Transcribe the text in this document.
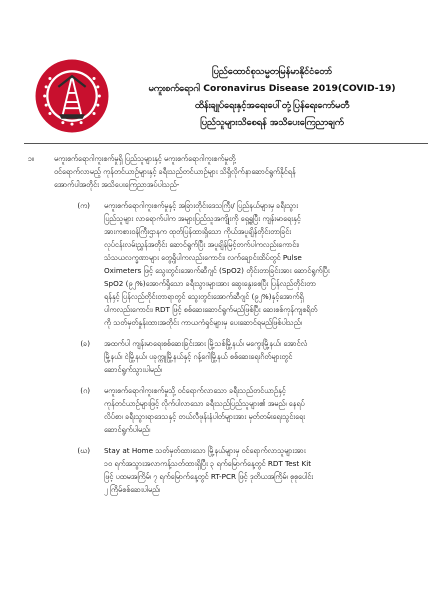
ပြည်ထောင်စုသမ္မတမြန်မာနိုင်ငံတော်
မကူးစက်ရောဂါ Coronavirus Disease 2019(COVID-19)
ထိန်းချုပ်ရေးနှင့်အရေးပေါ်တုံ့ပြန်ရေးကော်မတီ
ပြည်သူများသိစေရန် အသိပေးကြေညာချက်
၁။	မကူးစက်ရောဂါကူးစက်မှုရှိ ပြည်သူများနှင့် မကူးစက်ရောဂါကူးစက်မှုတို့
ဝင်ရောက်လာမည့် ကုန်တင်ယာဉ်များနှင့် ခရီးသည်တင်ယာဉ်များ သိရှိလိုက်နာဆောင်ရွက်နိုင်ရန်
အောက်ပါအတိုင်း အသိပေးကြေညာအပ်ပါသည်-
(က)	မကူးစက်ရောဂါကူးစက်မှုနှင့် အခြားတိုင်းဒေသကြီး/ ပြည်နယ်များမှ ခရီးသွား
ပြည်သူများ လာရောက်ပါက အများပြည်သူအကျိုးကို ရှေ့ရှုပြီး ကျန်းမာရေးနှင့်
အားကစားဝန်ကြီးဌာနက ထုတ်ပြန်ထားရှိသော ကိုယ်အပူချိန်တိုင်းတာခြင်း
လုပ်ငန်းလမ်းညွှန်အတိုင်း ဆောင်ရွက်ပြီး အပူချိန်မြင့်တက်ပါကလည်းကောင်း၊
သံသယလက္ခဏာများ တွေ့ရှိပါကလည်းကောင်း၊ လက်ချောင်းထိပ်တွင် Pulse
Oximeters ဖြင့် သွေးတွင်းအောက်ဆီဂျင် (SpO2) တိုင်းတာခြင်းအား ဆောင်ရွက်ပြီး
SpO2 (၉၂%)အောက်ရှိသော ခရီးသွားများအား ဆွေးနွေးစေပြီး ပြန်လည်တိုင်းတာ
ရန်နှင့် ပြန်လည်တိုင်းတာရာတွင် သွေးတွင်းအောက်ဆီဂျင် (၉၂%)နှင့်အောက်ရှိ
ပါကလည်းကောင်း၊ RDT ဖြင့် စစ်ဆေးဆောင်ရွက်မည်ဖြစ်ပြီး ဆေးစစ်ကုန်ကျစရိတ်
ကို သတ်မှတ်နှုန်းထားအတိုင်း ကာယကံရှင်များမှ ပေးဆောင်ရမည်ဖြစ်ပါသည်၊
(ခ)	အထက်ပါ ကျန်းမာရေးစစ်ဆေးခြင်းအား မြို့သစ်မြို့နယ်၊ မကွေးမြို့နယ်၊ အောင်လံ
မြို့နယ်၊ ငဲမြို့နယ်၊ ပခုက္ကူမြို့နယ်နှင့် ဂန့်ဂေါမြို့နယ် စစ်ဆေးရေးဂိတ်များတွင်
ဆောင်ရွက်သွားပါမည်၊
(ဂ)	မကူးစက်ရောဂါကူးစက်မှုသို့ ဝင်ရောက်လာသော ခရီးသည်တင်ယာဉ်နှင့်
ကုန်တင်ယာဉ်များဖြင့် လိုက်ပါလာသော ခရီးသည်ပြည်သူများ၏ အမည်၊ နေရပ်
လိပ်စာ၊ ခရီးသွားရာဒေသနှင့် တယ်လီဖုန်းနံပါတ်များအား မှတ်တမ်းရေးသွင်းရေး
ဆောင်ရွက်ပါမည်၊
(ဃ)	Stay at Home သတ်မှတ်ထားသော မြို့နယ်များမှ ဝင်ရောက်လာသူများအား
၁၀ ရက်အသွားအလာကန့်သတ်ထားရှိပြီး ၃ ရက်မြောက်နေ့တွင် RDT Test Kit
ဖြင့် ပထမအကြိမ်၊ ၇ ရက်မြောက်နေ့တွင် RT-PCR ဖြင့် ဒုတိယအကြိမ်၊ စုစုပေါင်း
၂ ကြိမ်စစ်ဆေးပါမည်၊
